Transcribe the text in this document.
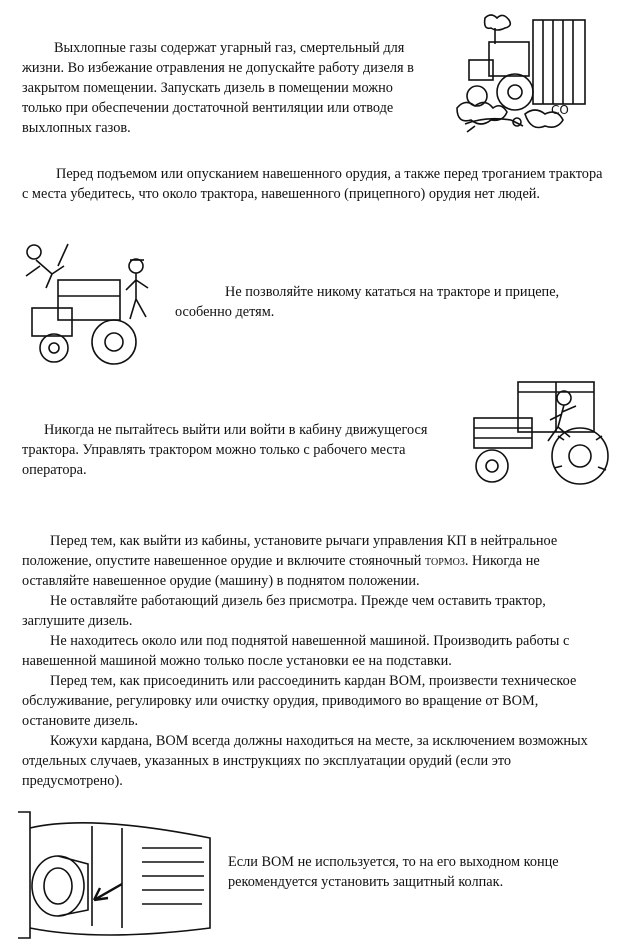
Выхлопные газы содержат угарный газ, смертельный для жизни. Во избежание отравления не допускайте работу дизеля в закрытом помещении. Запускать дизель в помещении можно только при обеспечении достаточной вентиляции или отводе выхлопных газов.

CO

Перед подъемом или опусканием навешенного орудия, а также перед троганием трактора с места убедитесь, что около трактора, навешенного (прицепного) орудия нет людей.

Не позволяйте никому кататься на тракторе и прицепе, особенно детям.

Никогда не пытайтесь выйти или войти в кабину движущегося трактора. Управлять трактором можно только с рабочего места оператора.

Перед тем, как выйти из кабины, установите рычаги управления КП в нейтральное положение, опустите навешенное орудие и включите стояночный тормоз. Никогда не оставляйте навешенное орудие (машину) в поднятом положении.

Не оставляйте работающий дизель без присмотра. Прежде чем оставить трактор, заглушите дизель.

Не находитесь около или под поднятой навешенной машиной. Производить работы с навешенной машиной можно только после установки ее на подставки.

Перед тем, как присоединить или рассоединить кардан ВОМ, произвести техническое обслуживание, регулировку или очистку орудия, приводимого во вращение от ВОМ, остановите дизель.

Кожухи кардана, ВОМ всегда должны находиться на месте, за исключением возможных отдельных случаев, указанных в инструкциях по эксплуатации орудий (если это предусмотрено).

Если ВОМ не используется, то на его выходном конце рекомендуется установить защитный колпак.
